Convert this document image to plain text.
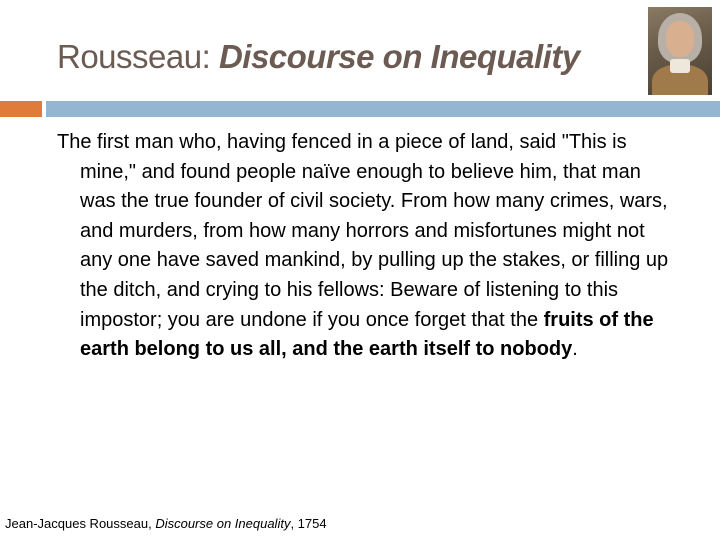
Rousseau: Discourse on Inequality
The first man who, having fenced in a piece of land, said "This is mine," and found people naïve enough to believe him, that man was the true founder of civil society. From how many crimes, wars, and murders, from how many horrors and misfortunes might not any one have saved mankind, by pulling up the stakes, or filling up the ditch, and crying to his fellows: Beware of listening to this impostor; you are undone if you once forget that the fruits of the earth belong to us all, and the earth itself to nobody.
Jean-Jacques Rousseau, Discourse on Inequality, 1754
